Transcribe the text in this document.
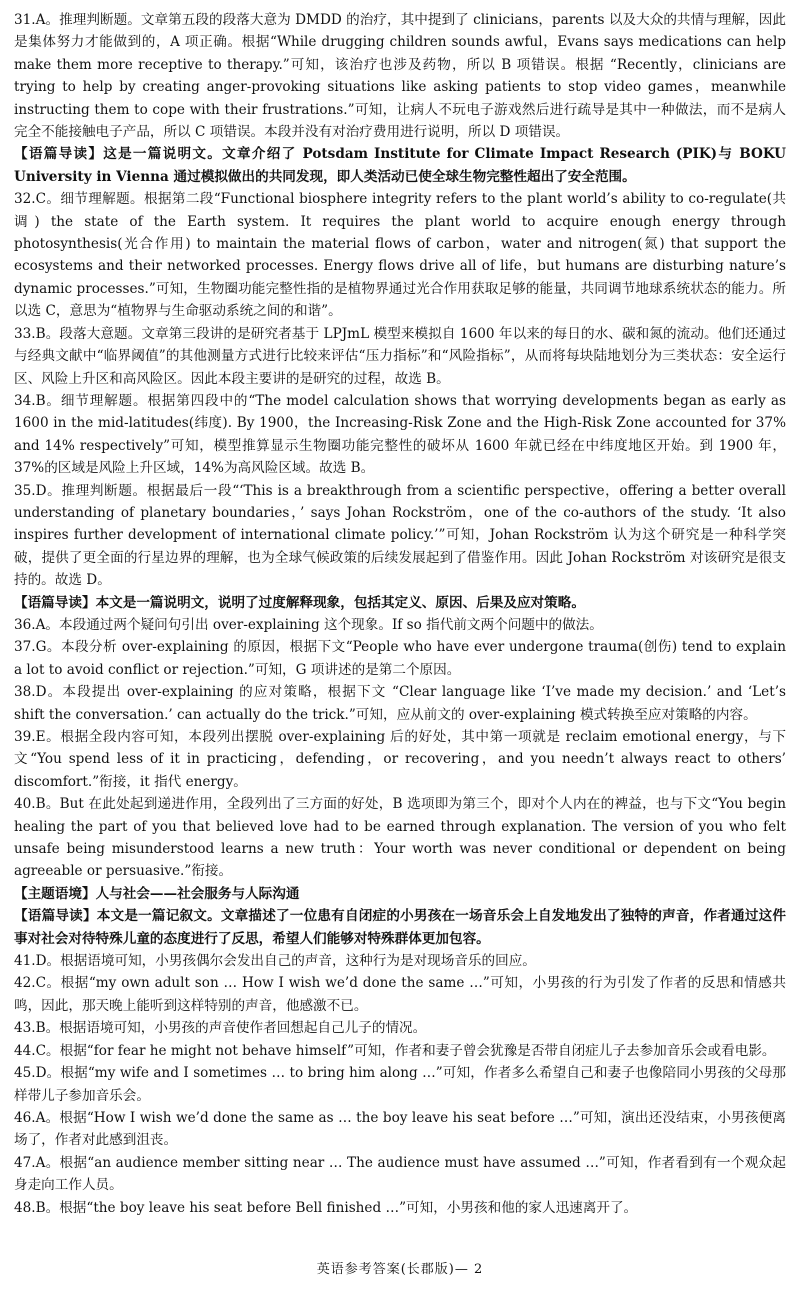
31.A。推理判断题。文章第五段的段落大意为 DMDD 的治疗，其中提到了 clinicians，parents 以及大众的共情与理解，因此是集体努力才能做到的，A 项正确。根据“While drugging children sounds awful，Evans says medications can help make them more receptive to therapy.”可知，该治疗也涉及药物，所以 B 项错误。根据 “Recently，clinicians are trying to help by creating anger-provoking situations like asking patients to stop video games，meanwhile instructing them to cope with their frustrations.”可知，让病人不玩电子游戏然后进行疏导是其中一种做法，而不是病人完全不能接触电子产品，所以 C 项错误。本段并没有对治疗费用进行说明，所以 D 项错误。

【语篇导读】这是一篇说明文。文章介绍了 Potsdam Institute for Climate Impact Research (PIK)与 BOKU University in Vienna 通过模拟做出的共同发现，即人类活动已使全球生物完整性超出了安全范围。

32.C。细节理解题。根据第二段“Functional biosphere integrity refers to the plant world’s ability to co-regulate(共调) the state of the Earth system. It requires the plant world to acquire enough energy through photosynthesis(光合作用) to maintain the material flows of carbon，water and nitrogen(氮) that support the ecosystems and their networked processes. Energy flows drive all of life，but humans are disturbing nature’s dynamic processes.”可知，生物圈功能完整性指的是植物界通过光合作用获取足够的能量，共同调节地球系统状态的能力。所以选 C，意思为“植物界与生命驱动系统之间的和谐”。

33.B。段落大意题。文章第三段讲的是研究者基于 LPJmL 模型来模拟自 1600 年以来的每日的水、碳和氮的流动。他们还通过与经典文献中“临界阈值”的其他测量方式进行比较来评估“压力指标”和“风险指标”，从而将每块陆地划分为三类状态：安全运行区、风险上升区和高风险区。因此本段主要讲的是研究的过程，故选 B。

34.B。细节理解题。根据第四段中的“The model calculation shows that worrying developments began as early as 1600 in the mid-latitudes(纬度). By 1900，the Increasing-Risk Zone and the High-Risk Zone accounted for 37% and 14% respectively”可知，模型推算显示生物圈功能完整性的破坏从 1600 年就已经在中纬度地区开始。到 1900 年，37%的区域是风险上升区域，14%为高风险区域。故选 B。

35.D。推理判断题。根据最后一段“‘This is a breakthrough from a scientific perspective，offering a better overall understanding of planetary boundaries，’ says Johan Rockström，one of the co-authors of the study. ‘It also inspires further development of international climate policy.’”可知，Johan Rockström 认为这个研究是一种科学突破，提供了更全面的行星边界的理解，也为全球气候政策的后续发展起到了借鉴作用。因此 Johan Rockström 对该研究是很支持的。故选 D。

【语篇导读】本文是一篇说明文，说明了过度解释现象，包括其定义、原因、后果及应对策略。

36.A。本段通过两个疑问句引出 over-explaining 这个现象。If so 指代前文两个问题中的做法。

37.G。本段分析 over-explaining 的原因，根据下文“People who have ever undergone trauma(创伤) tend to explain a lot to avoid conflict or rejection.”可知，G 项讲述的是第二个原因。

38.D。本段提出 over-explaining 的应对策略，根据下文 “Clear language like ‘I’ve made my decision.’ and ‘Let’s shift the conversation.’ can actually do the trick.”可知，应从前文的 over-explaining 模式转换至应对策略的内容。

39.E。根据全段内容可知，本段列出摆脱 over-explaining 后的好处，其中第一项就是 reclaim emotional energy，与下文“You spend less of it in practicing，defending，or recovering，and you needn’t always react to others’ discomfort.”衔接，it 指代 energy。

40.B。But 在此处起到递进作用，全段列出了三方面的好处，B 选项即为第三个，即对个人内在的裨益，也与下文“You begin healing the part of you that believed love had to be earned through explanation. The version of you who felt unsafe being misunderstood learns a new truth：Your worth was never conditional or dependent on being agreeable or persuasive.”衔接。

【主题语境】人与社会——社会服务与人际沟通

【语篇导读】本文是一篇记叙文。文章描述了一位患有自闭症的小男孩在一场音乐会上自发地发出了独特的声音，作者通过这件事对社会对待特殊儿童的态度进行了反思，希望人们能够对特殊群体更加包容。

41.D。根据语境可知，小男孩偶尔会发出自己的声音，这种行为是对现场音乐的回应。

42.C。根据“my own adult son … How I wish we’d done the same …”可知，小男孩的行为引发了作者的反思和情感共鸣，因此，那天晚上能听到这样特别的声音，他感激不已。

43.B。根据语境可知，小男孩的声音使作者回想起自己儿子的情况。

44.C。根据“for fear he might not behave himself”可知，作者和妻子曾会犹豫是否带自闭症儿子去参加音乐会或看电影。

45.D。根据“my wife and I sometimes … to bring him along …”可知，作者多么希望自己和妻子也像陪同小男孩的父母那样带儿子参加音乐会。

46.A。根据“How I wish we’d done the same as … the boy leave his seat before …”可知，演出还没结束，小男孩便离场了，作者对此感到沮丧。

47.A。根据“an audience member sitting near … The audience must have assumed …”可知，作者看到有一个观众起身走向工作人员。

48.B。根据“the boy leave his seat before Bell finished …”可知，小男孩和他的家人迅速离开了。

英语参考答案(长郡版)— 2
